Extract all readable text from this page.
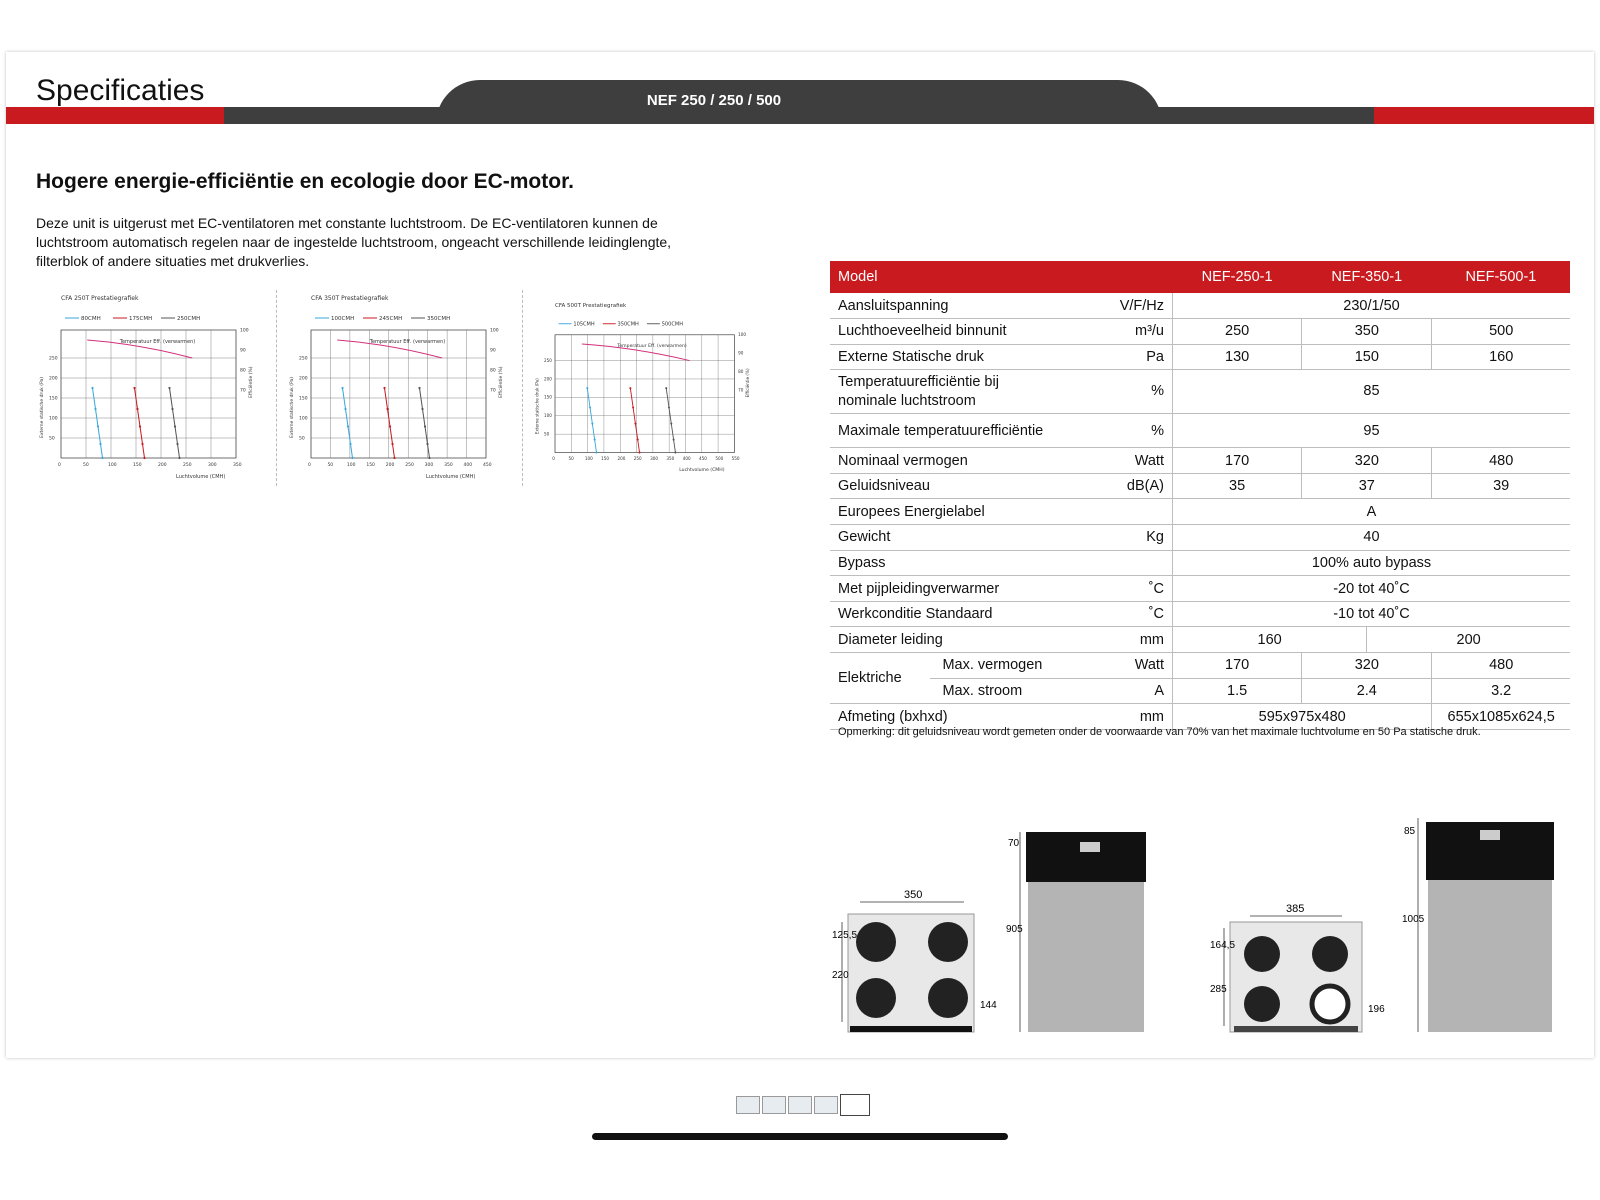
NEF 250 / 250 / 500
Specificaties
Hogere energie-efficiëntie en ecologie door EC-motor.
Deze unit is uitgerust met EC-ventilatoren met constante luchtstroom. De EC-ventilatoren kunnen de luchtstroom automatisch regelen naar de ingestelde luchtstroom, ongeacht verschillende leidinglengte, filterblok of andere situaties met drukverlies.
CFA 250T Prestatiegrafiek
80CMH	175CMH	250CMH
0	50	100	150	200	250	300	350
50
100
150
200
250
100
90
80
70
Luchtvolume (CMH)
Externe statische druk (Pa)	Efficiëntie (%)
Temperatuur Eff. (verwarmen)
CFA 350T Prestatiegrafiek
100CMH	245CMH	350CMH
0	50	100 150 200 250 300 350 400 450
50
100
150
200
250
100
90
80
70
Luchtvolume (CMH)
Externe statische druk (Pa)	Efficiëntie (%)
Temperatuur Eff. (verwarmen)
CFA 500T Prestatiegrafiek
105CMH	350CMH	500CMH
0	50 100 150 200 250 300 350 400 450 500 550
50
100
150
200
250
100
90
80
70
Luchtvolume (CMH)
Externe statische druk (Pa)	Efficiëntie (%)
Temperatuur Eff. (verwarmen)
Model			NEF-250-1	NEF-350-1		NEF-500-1
Aansluitspanning		V/F/Hz	230/1/50			
Luchthoeveelheid binnunit		m³/u	250	350		500
Externe Statische druk		Pa	130	150		160

Temperatuurefficiëntie bij
nominale luchtstroom		%	85			
Maximale temperatuurefficiëntie		%	95			
Nominaal vermogen		Watt	170	320		480
Geluidsniveau		dB(A)	35	37		39
Europees Energielabel			A			
Gewicht		Kg	40			
Bypass			100% auto bypass			
Met pijpleidingverwarmer		˚C	-20 tot 40˚C			
Werkconditie Standaard		˚C	-10 tot 40˚C			
Diameter leiding		mm	160		200	
Elektriche	Max. vermogen	Watt	170	320		480
	Max. stroom	A	1.5	2.4		3.2
Afmeting (bxhxd)		mm	595x975x480			655x1085x624,5
Opmerking: dit geluidsniveau wordt gemeten onder de voorwaarde van 70% van het maximale luchtvolume en 50 Pa statische druk.
350
125,5
220
144
70
905
385
164,5
285
196
85
1005
